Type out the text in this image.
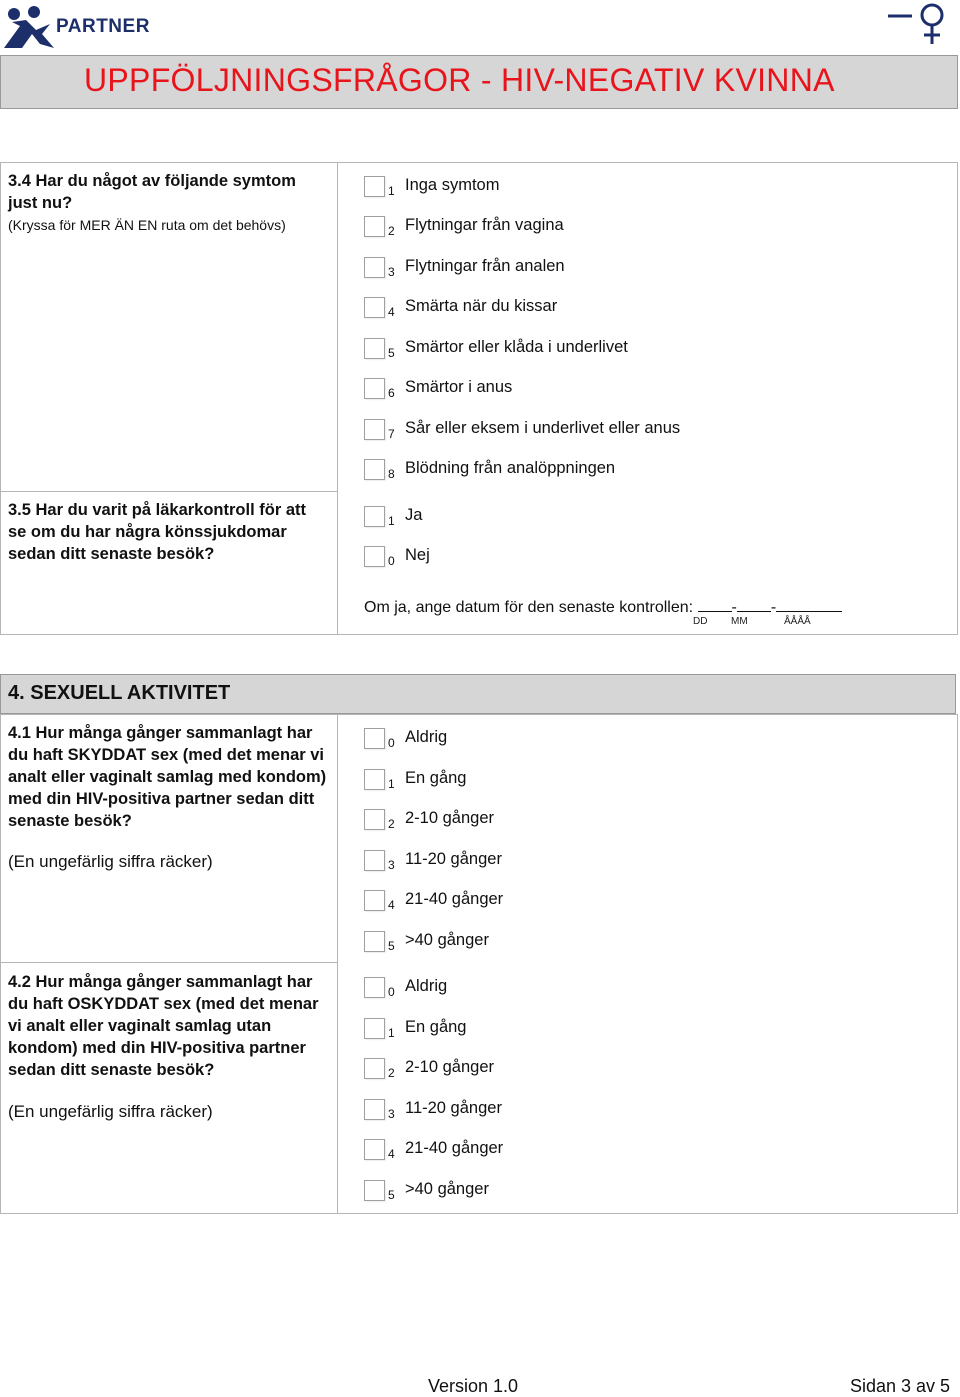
PARTNER
UPPFÖLJNINGSFRÅGOR - HIV-NEGATIV KVINNA
3.4 Har du något av följande symtom just nu?
(Kryssa för MER ÄN EN ruta om det behövs)
1 Inga symtom
2 Flytningar från vagina
3 Flytningar från analen
4 Smärta när du kissar
5 Smärtor eller klåda i underlivet
6 Smärtor i anus
7 Sår eller eksem i underlivet eller anus
8 Blödning från analöppningen
3.5 Har du varit på läkarkontroll för att se om du har några könssjukdomar sedan ditt senaste besök?
1 Ja
0 Nej
Om ja, ange datum för den senaste kontrollen: - -
DD MM	ÅÅÅÅ
4. SEXUELL AKTIVITET
4.1 Hur många gånger sammanlagt har du haft SKYDDAT sex (med det menar vi analt eller vaginalt samlag med kondom) med din HIV-positiva partner sedan ditt senaste besök?
(En ungefärlig siffra räcker)
0 Aldrig
1 En gång
2 2-10 gånger
3 11-20 gånger
4 21-40 gånger
5 >40 gånger
4.2 Hur många gånger sammanlagt har du haft OSKYDDAT sex (med det menar vi analt eller vaginalt samlag utan kondom) med din HIV-positiva partner sedan ditt senaste besök?
(En ungefärlig siffra räcker)
0 Aldrig
1 En gång
2 2-10 gånger
3 11-20 gånger
4 21-40 gånger
5 >40 gånger
Version 1.0	Sidan 3 av 5
